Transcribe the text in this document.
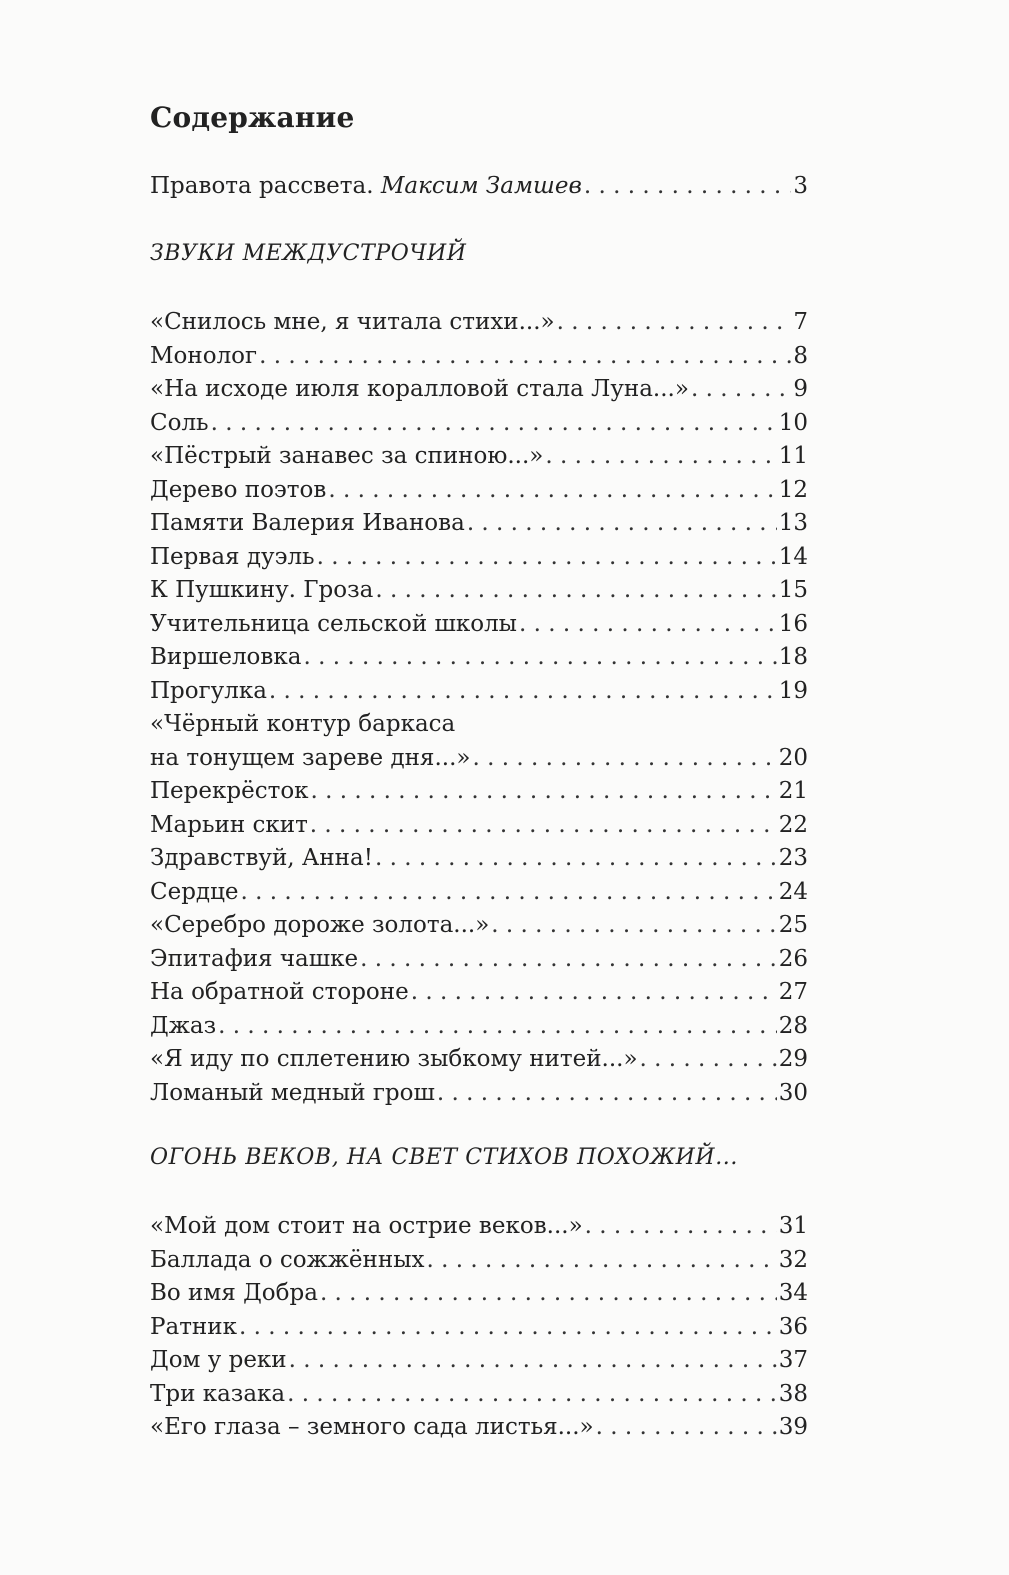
Содержание
Правота рассвета. Максим Замшев . . .	3
ЗВУКИ МЕЖДУСТРОЧИЙ
«Снилось мне, я читала стихи...» . . .	7
Монолог . . .	8
«На исходе июля коралловой стала Луна...» . . .	9
Соль . . .	10
«Пёстрый занавес за спиною...» . . .	11
Дерево поэтов . . .	12
Памяти Валерия Иванова . . .	13
Первая дуэль . . .	14
К Пушкину. Гроза . . .	15
Учительница сельской школы . . .	16
Виршеловка . . .	18
Прогулка . . .	19
«Чёрный контур баркаса
на тонущем зареве дня...» . . .	20
Перекрёсток . . .	21
Марьин скит . . .	22
Здравствуй, Анна! . . .	23
Сердце . . .	24
«Серебро дороже золота...» . . .	25
Эпитафия чашке . . .	26
На обратной стороне . . .	27
Джаз . . .	28
«Я иду по сплетению зыбкому нитей...» . . .	29
Ломаный медный грош . . .	30
ОГОНЬ ВЕКОВ, НА СВЕТ СТИХОВ ПОХОЖИЙ...
«Мой дом стоит на острие веков...» . . .	31
Баллада о сожжённых . . .	32
Во имя Добра . . .	34
Ратник . . .	36
Дом у реки . . .	37
Три казака . . .	38
«Его глаза – земного сада листья...» . . .	39
